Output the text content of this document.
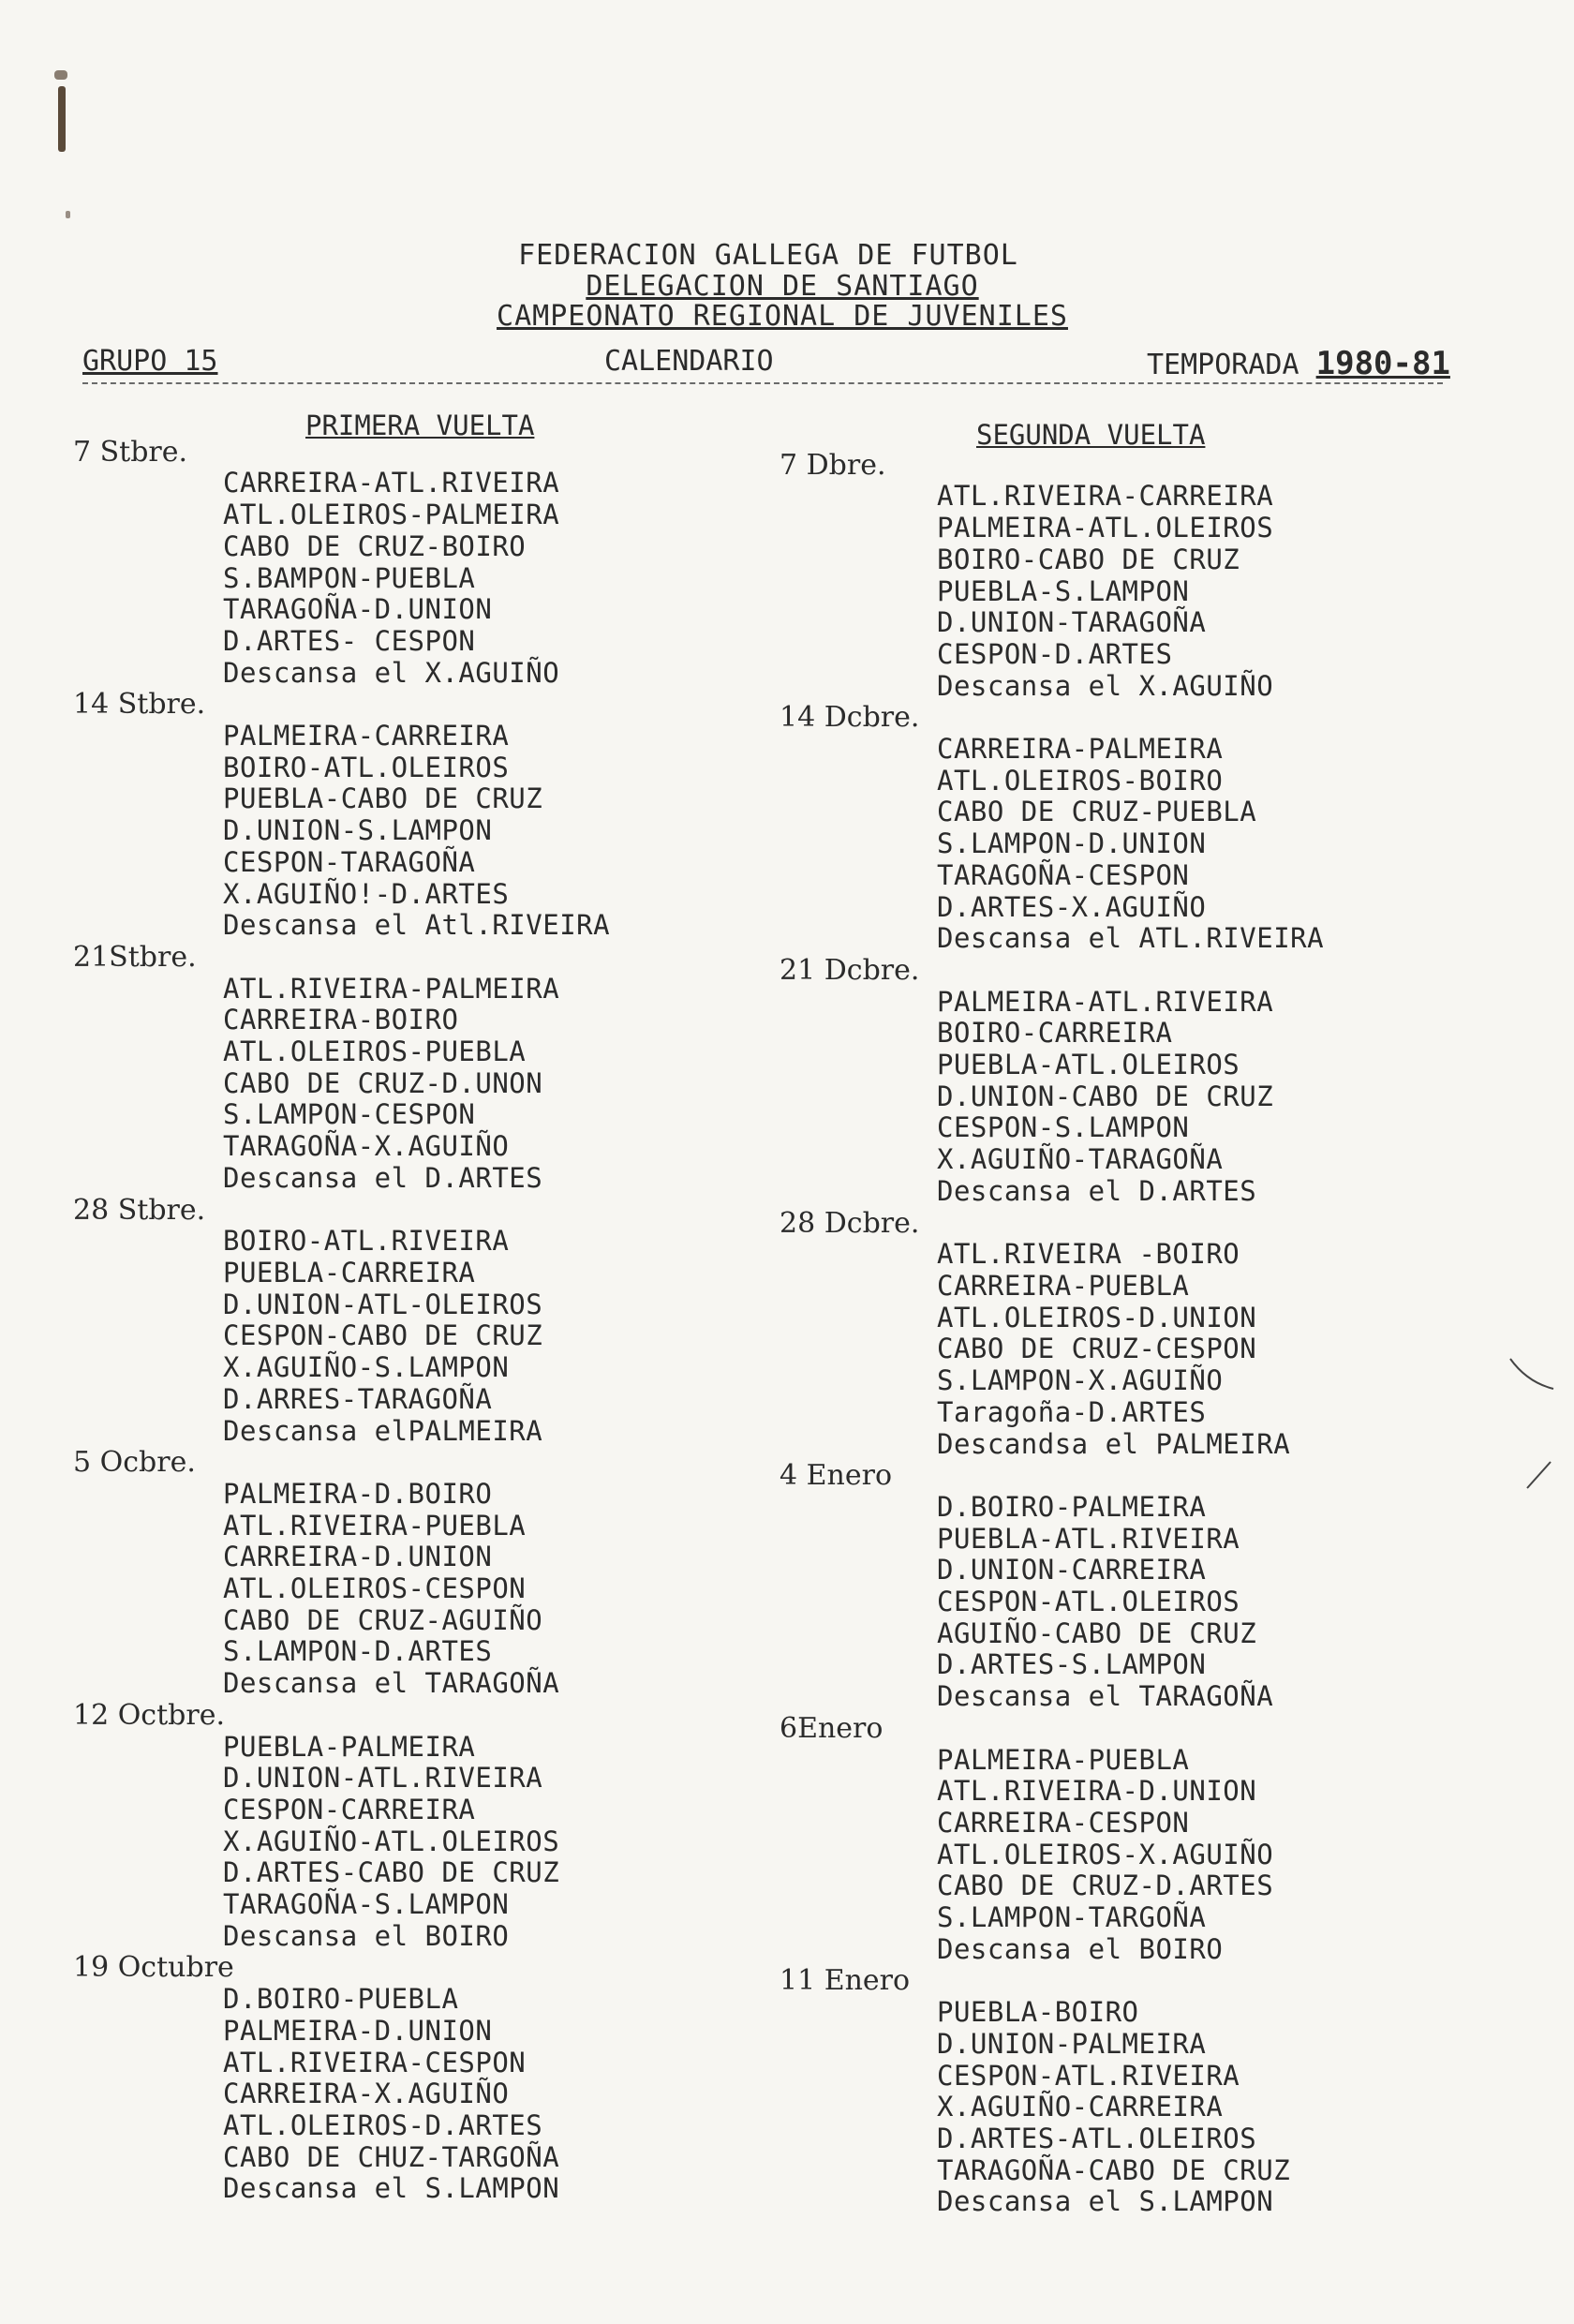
FEDERACION GALLEGA DE FUTBOL
DELEGACION DE SANTIAGO
CAMPEONATO REGIONAL DE JUVENILES
GRUPO 15	CALENDARIO	TEMPORADA 1980-81
PRIMERA VUELTA
7 Stbre.
CARREIRA-ATL.RIVEIRA
ATL.OLEIROS-PALMEIRA
CABO DE CRUZ-BOIRO
S.BAMPON-PUEBLA
TARAGOÑA-D.UNION
D.ARTES- CESPON
Descansa el X.AGUIÑO
14 Stbre.
PALMEIRA-CARREIRA
BOIRO-ATL.OLEIROS
PUEBLA-CABO DE CRUZ
D.UNION-S.LAMPON
CESPON-TARAGOÑA
X.AGUIÑO!-D.ARTES
Descansa el Atl.RIVEIRA
21Stbre.
ATL.RIVEIRA-PALMEIRA
CARREIRA-BOIRO
ATL.OLEIROS-PUEBLA
CABO DE CRUZ-D.UNON
S.LAMPON-CESPON
TARAGOÑA-X.AGUIÑO
Descansa el D.ARTES
28 Stbre.
BOIRO-ATL.RIVEIRA
PUEBLA-CARREIRA
D.UNION-ATL-OLEIROS
CESPON-CABO DE CRUZ
X.AGUIÑO-S.LAMPON
D.ARRES-TARAGOÑA
Descansa elPALMEIRA
5 Ocbre.
PALMEIRA-D.BOIRO
ATL.RIVEIRA-PUEBLA
CARREIRA-D.UNION
ATL.OLEIROS-CESPON
CABO DE CRUZ-AGUIÑO
S.LAMPON-D.ARTES
Descansa el TARAGOÑA
12 Octbre.
PUEBLA-PALMEIRA
D.UNION-ATL.RIVEIRA
CESPON-CARREIRA
X.AGUIÑO-ATL.OLEIROS
D.ARTES-CABO DE CRUZ
TARAGOÑA-S.LAMPON
Descansa el BOIRO
19 Octubre
D.BOIRO-PUEBLA
PALMEIRA-D.UNION
ATL.RIVEIRA-CESPON
CARREIRA-X.AGUIÑO
ATL.OLEIROS-D.ARTES
CABO DE CHUZ-TARGOÑA
Descansa el S.LAMPON
SEGUNDA VUELTA
7 Dbre.
ATL.RIVEIRA-CARREIRA
PALMEIRA-ATL.OLEIROS
BOIRO-CABO DE CRUZ
PUEBLA-S.LAMPON
D.UNION-TARAGOÑA
CESPON-D.ARTES
Descansa el X.AGUIÑO
14 Dcbre.
CARREIRA-PALMEIRA
ATL.OLEIROS-BOIRO
CABO DE CRUZ-PUEBLA
S.LAMPON-D.UNION
TARAGOÑA-CESPON
D.ARTES-X.AGUIÑO
Descansa el ATL.RIVEIRA
21 Dcbre.
PALMEIRA-ATL.RIVEIRA
BOIRO-CARREIRA
PUEBLA-ATL.OLEIROS
D.UNION-CABO DE CRUZ
CESPON-S.LAMPON
X.AGUIÑO-TARAGOÑA
Descansa el D.ARTES
28 Dcbre.
ATL.RIVEIRA -BOIRO
CARREIRA-PUEBLA
ATL.OLEIROS-D.UNION
CABO DE CRUZ-CESPON
S.LAMPON-X.AGUIÑO
Taragoña-D.ARTES
Descandsa el PALMEIRA
4 Enero
D.BOIRO-PALMEIRA
PUEBLA-ATL.RIVEIRA
D.UNION-CARREIRA
CESPON-ATL.OLEIROS
AGUIÑO-CABO DE CRUZ
D.ARTES-S.LAMPON
Descansa el TARAGOÑA
6Enero
PALMEIRA-PUEBLA
ATL.RIVEIRA-D.UNION
CARREIRA-CESPON
ATL.OLEIROS-X.AGUIÑO
CABO DE CRUZ-D.ARTES
S.LAMPON-TARGOÑA
Descansa el BOIRO
11 Enero
PUEBLA-BOIRO
D.UNION-PALMEIRA
CESPON-ATL.RIVEIRA
X.AGUIÑO-CARREIRA
D.ARTES-ATL.OLEIROS
TARAGOÑA-CABO DE CRUZ
Descansa el S.LAMPON
